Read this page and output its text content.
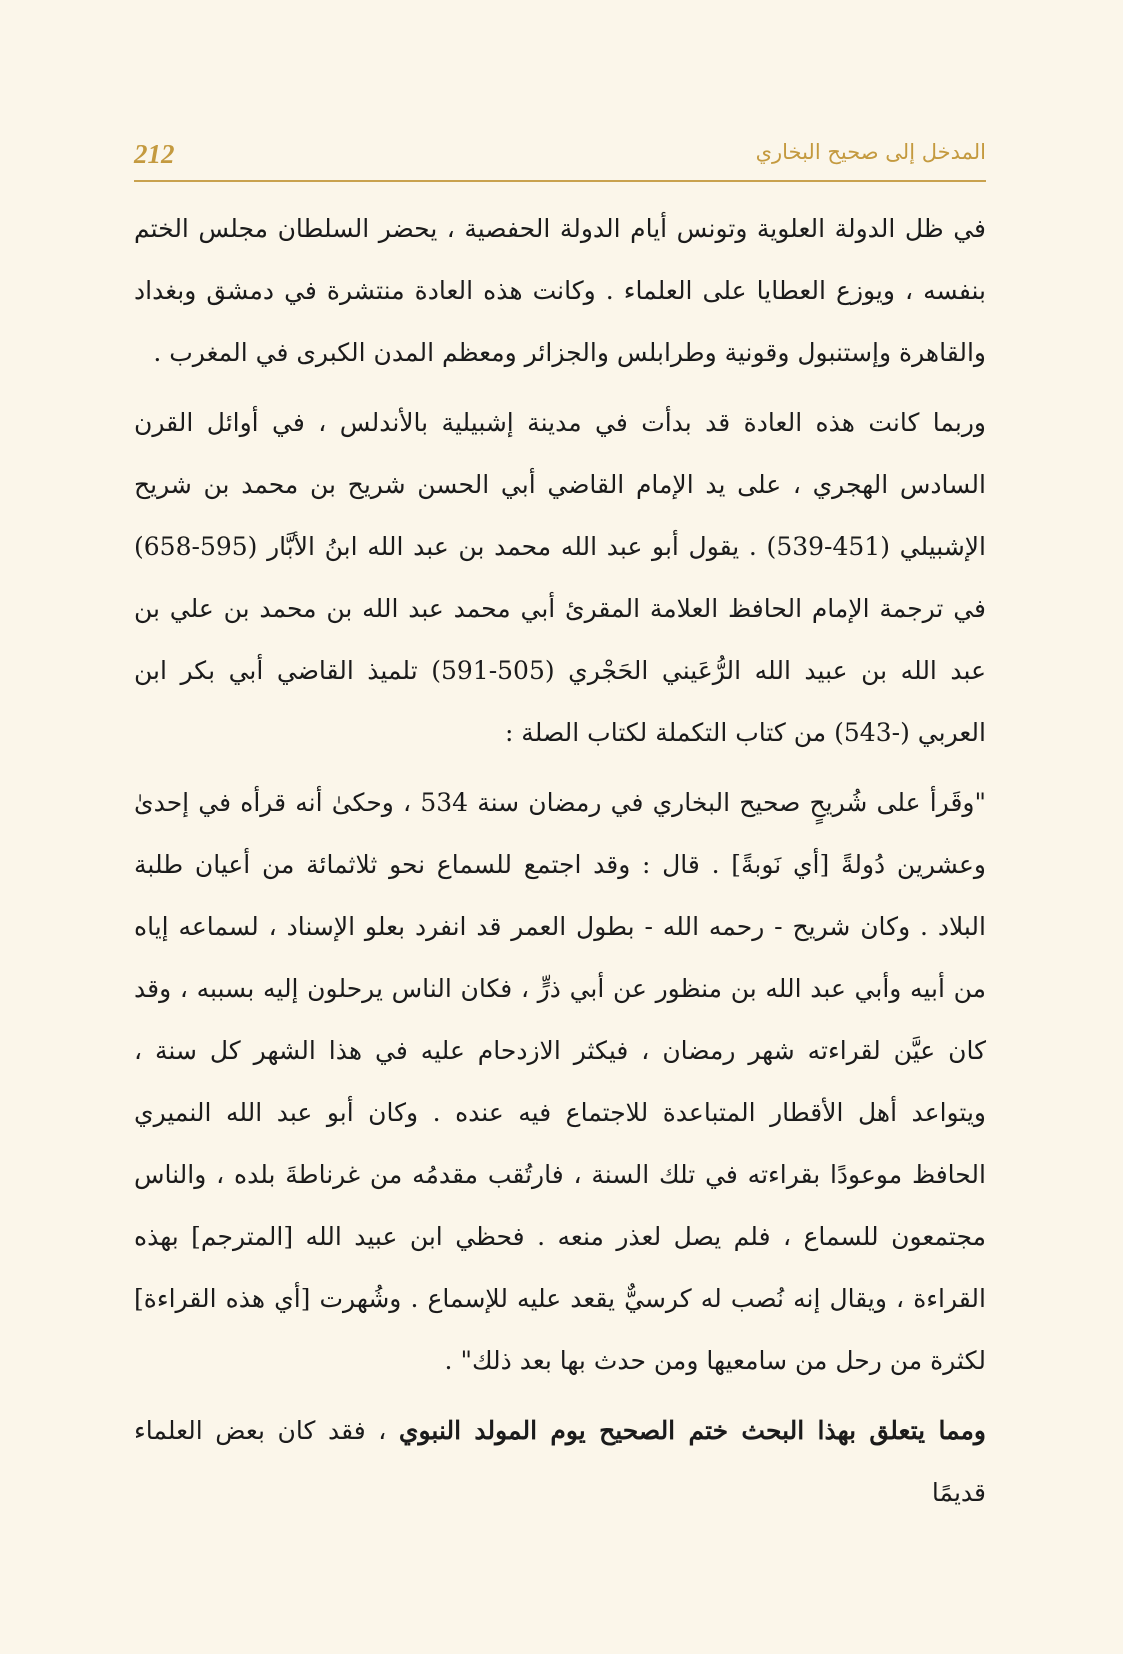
212	المدخل إلى صحيح البخاري

في ظل الدولة العلوية وتونس أيام الدولة الحفصية ، يحضر السلطان مجلس الختم بنفسه ، ويوزع العطايا على العلماء . وكانت هذه العادة منتشرة في دمشق وبغداد والقاهرة وإستنبول وقونية وطرابلس والجزائر ومعظم المدن الكبرى في المغرب .

وربما كانت هذه العادة قد بدأت في مدينة إشبيلية بالأندلس ، في أوائل القرن السادس الهجري ، على يد الإمام القاضي أبي الحسن شريح بن محمد بن شريح الإشبيلي (451-539) . يقول أبو عبد الله محمد بن عبد الله ابنُ الأبَّار (595-658) في ترجمة الإمام الحافظ العلامة المقرئ أبي محمد عبد الله بن محمد بن علي بن عبد الله بن عبيد الله الرُّعَيني الحَجْري (505-591) تلميذ القاضي أبي بكر ابن العربي (-543) من كتاب التكملة لكتاب الصلة :

"وقَرأ على شُريحٍ صحيح البخاري في رمضان سنة 534 ، وحكىٰ أنه قرأه في إحدىٰ وعشرين دُولةً [أي نَوبةً] . قال : وقد اجتمع للسماع نحو ثلاثمائة من أعيان طلبة البلاد . وكان شريح - رحمه الله - بطول العمر قد انفرد بعلو الإسناد ، لسماعه إياه من أبيه وأبي عبد الله بن منظور عن أبي ذرٍّ ، فكان الناس يرحلون إليه بسببه ، وقد كان عيَّن لقراءته شهر رمضان ، فيكثر الازدحام عليه في هذا الشهر كل سنة ، ويتواعد أهل الأقطار المتباعدة للاجتماع فيه عنده . وكان أبو عبد الله النميري الحافظ موعودًا بقراءته في تلك السنة ، فارتُقب مقدمُه من غرناطةَ بلده ، والناس مجتمعون للسماع ، فلم يصل لعذر منعه . فحظي ابن عبيد الله [المترجم] بهذه القراءة ، ويقال إنه نُصب له كرسيٌّ يقعد عليه للإسماع . وشُهرت [أي هذه القراءة] لكثرة من رحل من سامعيها ومن حدث بها بعد ذلك" .

ومما يتعلق بهذا البحث ختم الصحيح يوم المولد النبوي ، فقد كان بعض العلماء قديمًا
